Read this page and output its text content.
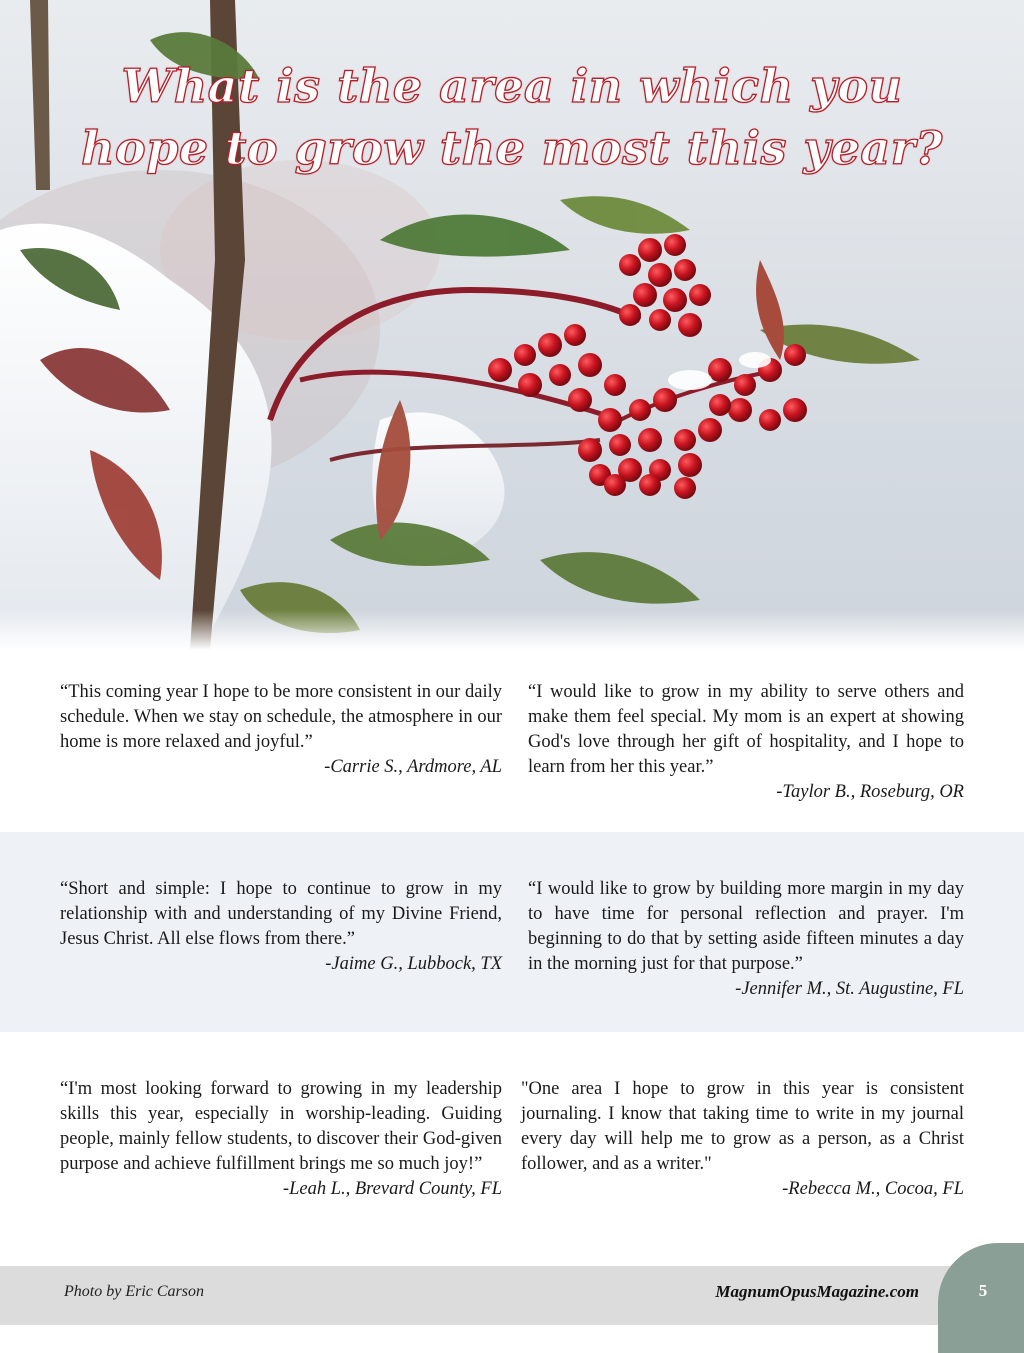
What is the area in which you
hope to grow the most this year?

“This coming year I hope to be more consistent in our daily schedule. When we stay on schedule, the atmosphere in our home is more relaxed and joyful.”

-Carrie S., Ardmore, AL

“I would like to grow in my ability to serve others and make them feel special. My mom is an expert at showing God's love through her gift of hospitality, and I hope to learn from her this year.”

-Taylor B., Roseburg, OR

“Short and simple: I hope to continue to grow in my relationship with and understanding of my Divine Friend, Jesus Christ. All else flows from there.”

-Jaime G., Lubbock, TX

“I would like to grow by building more margin in my day to have time for personal reflection and prayer. I'm beginning to do that by setting aside fifteen minutes a day in the morning just for that purpose.”

-Jennifer M., St. Augustine, FL

“I'm most looking forward to growing in my leadership skills this year, especially in worship-leading. Guiding people, mainly fellow students, to discover their God-given purpose and achieve fulfillment brings me so much joy!”

-Leah L., Brevard County, FL

"One area I hope to grow in this year is consistent journaling. I know that taking time to write in my journal every day will help me to grow as a person, as a Christ follower, and as a writer."

-Rebecca M., Cocoa, FL
Photo by Eric Carson	MagnumOpusMagazine.com	5
